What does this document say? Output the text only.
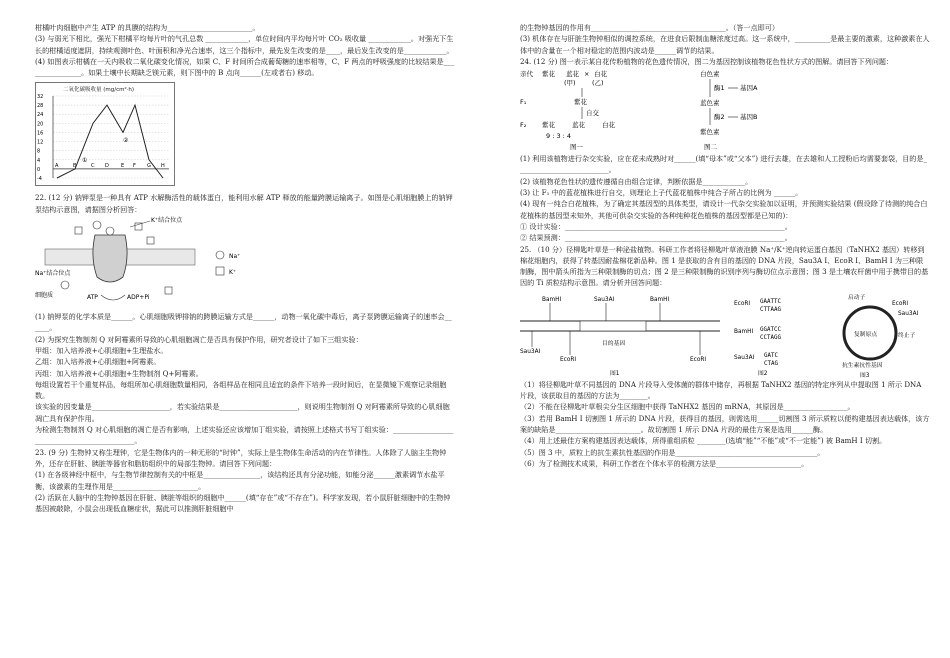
柑橘叶肉细胞中产生 ATP 的具膜的结构为________________________。
(3) 与弱光下相比，强光下柑橘平均每片叶的气孔总数 ____________，单位时间内平均每片叶 CO₂ 吸收量 ____________。对强光下生长的柑橘适度遮阴，持续观测叶色、叶面积和净光合速率，这三个指标中，最先发生改变的是____，最后发生改变的是____________。
(4) 如图表示柑橘在一天内吸收二氧化碳变化情况，如果 C、F 时间所合成葡萄糖的速率相等，C、F 两点的呼吸强度的比较结果是________________。如果土壤中长期缺乏镁元素，则下图中的 B 点向______(左或者右) 移动。
二氧化碳吸收量 (mg/cm²·h)
32
28
24
20
16
12
8
4
0
-4
A	B	C D E F G H
①
②
22. (12 分) 钠钾泵是一种具有 ATP 水解酶活性的载体蛋白，能利用水解 ATP 释放的能量跨膜运输离子。如图是心肌细胞膜上的钠钾泵结构示意图，请据图分析回答：
K⁺结合位点
Na⁺结合位点
细胞质	ATP	ADP+Pi
Na⁺
K⁺
(1) 钠钾泵的化学本质是______。心肌细胞吸钾排钠的跨膜运输方式是______，动物一氧化碳中毒后，离子泵跨膜运输离子的速率会______。
(2) 为探究生物制剂 Q 对阿霉素所导致的心肌细胞凋亡是否具有保护作用，研究者设计了如下三组实验：
甲组：加入培养液+心肌细胞+生理盐水。
乙组：加入培养液+心肌细胞+阿霉素。
丙组：加入培养液+心肌细胞+生物制剂 Q+阿霉素。
每组设置若干个重复样品，每组所加心肌细胞数量相同，各组样品在相同且适宜的条件下培养一段时间后，在显微镜下观察记录细胞数。
该实验的因变量是______________________，若实验结果是______________________，则说明生物制剂 Q 对阿霉素所导致的心肌细胞凋亡具有保护作用。
为检测生物制剂 Q 对心肌细胞的凋亡是否有影响，上述实验还应该增加丁组实验，请按照上述格式书写丁组实验：_____________________________________________。
23. (9 分) 生物钟又称生理钟，它是生物体内的一种无形的“时钟”，实际上是生物体生命活动的内在节律性。人体除了人脑主生物钟外，还存在肝脏、胰脏等器官和脂肪组织中的局部生物钟。请回答下列问题：
(1) 在各级神经中枢中，与生物节律控制有关的中枢是________________，该结构还具有分泌功能，如能分泌______激素调节水盐平衡，该激素的生理作用是________________________。
(2) 活跃在人脑中的生物钟基因在肝脏、胰脏等组织的细胞中______(填“存在”或“不存在”)。科学家发现，若小鼠肝脏细胞中的生物钟基因被敲除，小鼠会出现低血糖症状，据此可以推测肝脏细胞中
的生物钟基因的作用有______________________________________。（答一点即可）
(3) 机体存在与肝脏生物钟相似的调控系统，在进食后限制血糖浓度过高。这一系统中，__________是最主要的激素，这种激素在人体中的含量在一个相对稳定的范围内波动是______调节的结果。
24. (12 分) 图一表示某自花传粉植物的花色遗传情况，图二为基因控制该植物花色性状方式的图解。请回答下列问题：
亲代 紫花 蓝花 × 白花
(甲)	(乙)
F₁	紫花
自交
F₂ 紫花	蓝花	白花
9 : 3 : 4
图一
白色素
酶1 基因A
蓝色素
酶2 基因B
紫色素
图二
(1) 利用该植物进行杂交实验，应在花未成熟时对______(填“母本”或“父本”) 进行去雄，在去雄和人工授粉后均需要套袋，目的是__________________________。
(2) 该植物花色性状的遗传遵循自由组合定律，判断依据是____________。
(3) 让 F₁ 中的蓝花植株进行自交，则理论上子代蓝花植株中纯合子所占的比例为 ______。
(4) 现有一纯合白花植株，为了确定其基因型的具体类型，请设计一代杂交实验加以证明，并预测实验结果 (假设除了待测的纯合白花植株的基因型未知外，其他可供杂交实验的各种纯种花色植株的基因型都是已知的)：
① 设计实验：______________________________________________________________。
② 结果预测：______________________________________________________________。
25. （10 分）径柳匙叶草是一种泌盐植物。科研工作者将径柳匙叶草液泡膜 Na⁺/K⁺逆向转运蛋白基因（TaNHX2 基因）转移到棉花细胞内，获得了转基因耐盐棉花新品种。图 1 是获取的含有目的基因的 DNA 片段，Sau3A Ⅰ、EcoR Ⅰ、BamH Ⅰ 为三种限制酶，图中箭头所指为三种限制酶的切点；图 2 是三种限制酶的识别序列与酶切位点示意图；图 3 是土壤农杆菌中用于携带目的基因的 Ti 质粒结构示意图。请分析并回答问题：
BamHI	Sau3AI	BamHI
Sau3AI
EcoRI	EcoRI
目的基因
图1
EcoRI GAATTC
CTTAAG
BamHI GGATCC
CCTAGG
Sau3AI GATC
CTAG
图2
启动子
EcoRI
Sau3AI
终止子
复制原点
抗生素抗性基因
图3
（1）将径柳匙叶草不同基因的 DNA 片段导入受体菌的群体中储存，再根据 TaNHX2 基因的特定序列从中提取图 1 所示 DNA 片段，该获取目的基因的方法为________。
（2）不能在径柳匙叶草根尖分生区细胞中获得 TaNHX2 基因的 mRNA，其原因是__________________。
（3）若用 BamH Ⅰ 切割图 1 所示的 DNA 片段，获得目的基因，则需选用______切割图 3 所示质粒以便构建基因表达载体，该方案的缺陷是________________________。故切割图 1 所示 DNA 片段的最佳方案是选用______酶。
（4）用上述最佳方案构建基因表达载体，所得重组质粒 ________(选填“能”“不能”或“不一定能”) 被 BamH Ⅰ 切割。
（5）图 3 中，质粒上的抗生素抗性基因的作用是________________________________________。
（6）为了检测技术成果，科研工作者在个体水平的检测方法是________________________。
